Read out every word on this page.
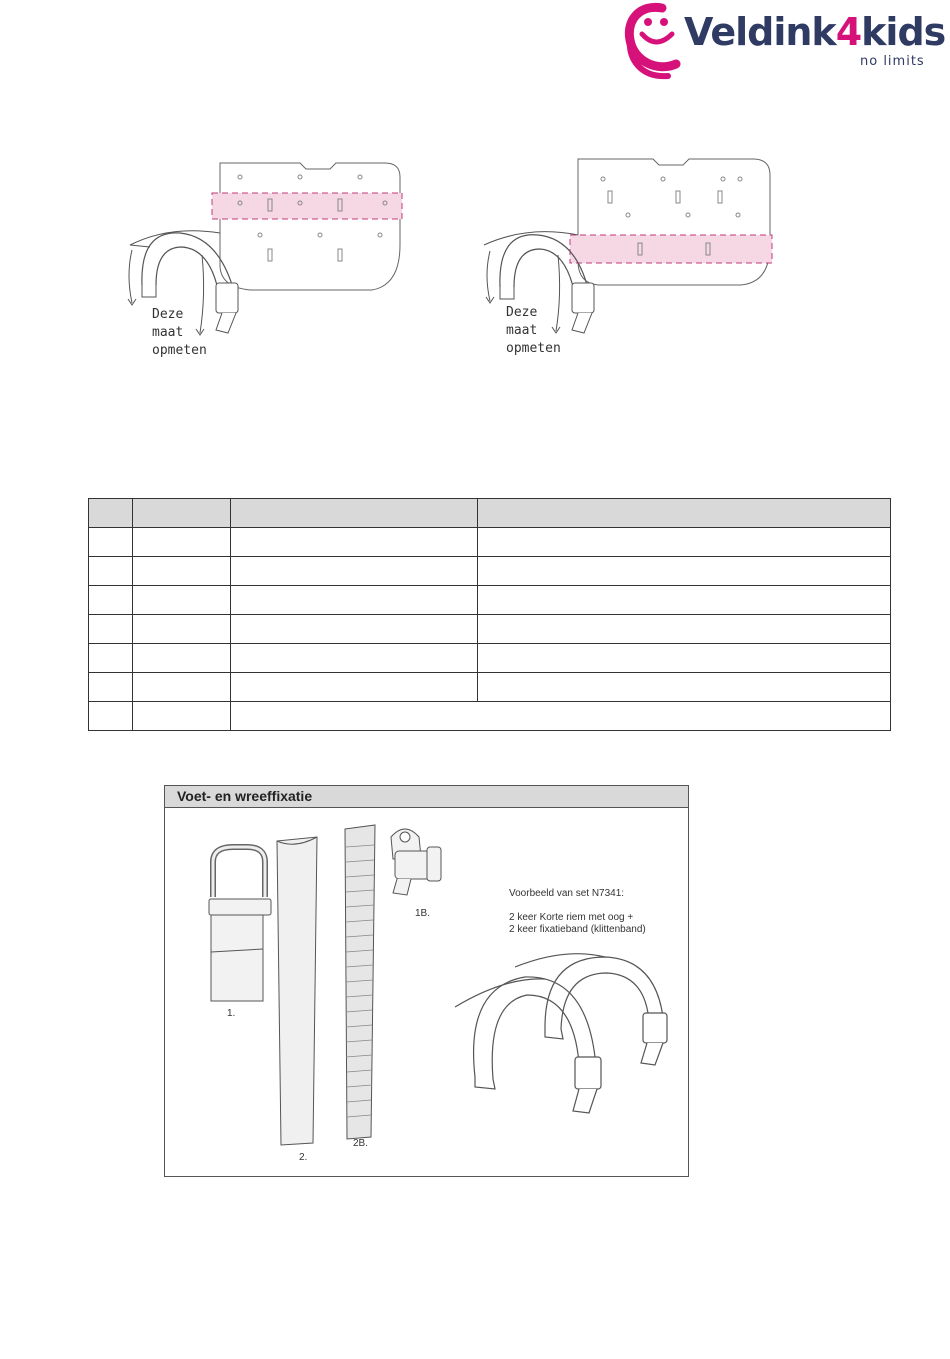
Veldink4kids
no limits
Deze
maat
opmeten
Deze
maat
opmeten

Voet- en wreeffixatie
1.
1B.
2.
2B.
Voorbeeld van set N7341:
2 keer Korte riem met oog +
2 keer fixatieband (klittenband)
